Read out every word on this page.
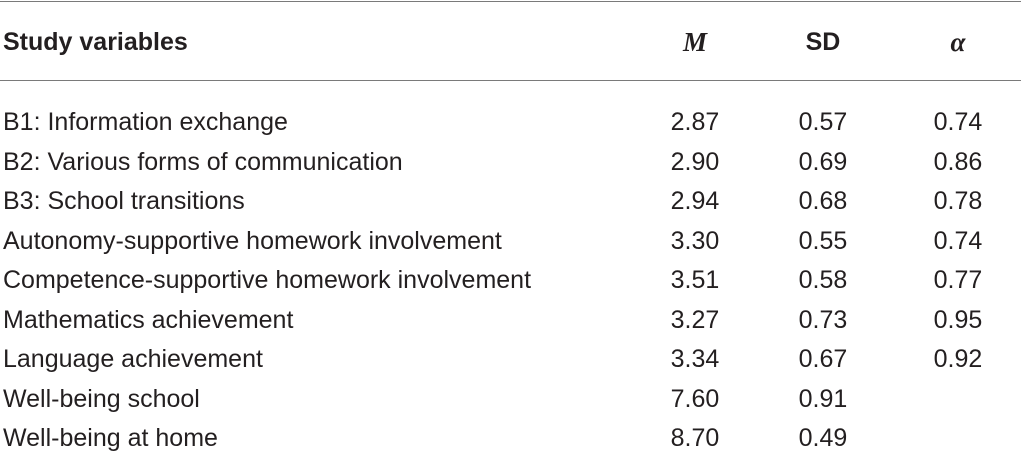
Study variables	M	SD	α
B1: Information exchange	2.87	0.57	0.74
B2: Various forms of communication	2.90	0.69	0.86
B3: School transitions	2.94	0.68	0.78
Autonomy-supportive homework involvement	3.30	0.55	0.74
Competence-supportive homework involvement	3.51	0.58	0.77
Mathematics achievement	3.27	0.73	0.95
Language achievement	3.34	0.67	0.92
Well-being school	7.60	0.91
Well-being at home	8.70	0.49
